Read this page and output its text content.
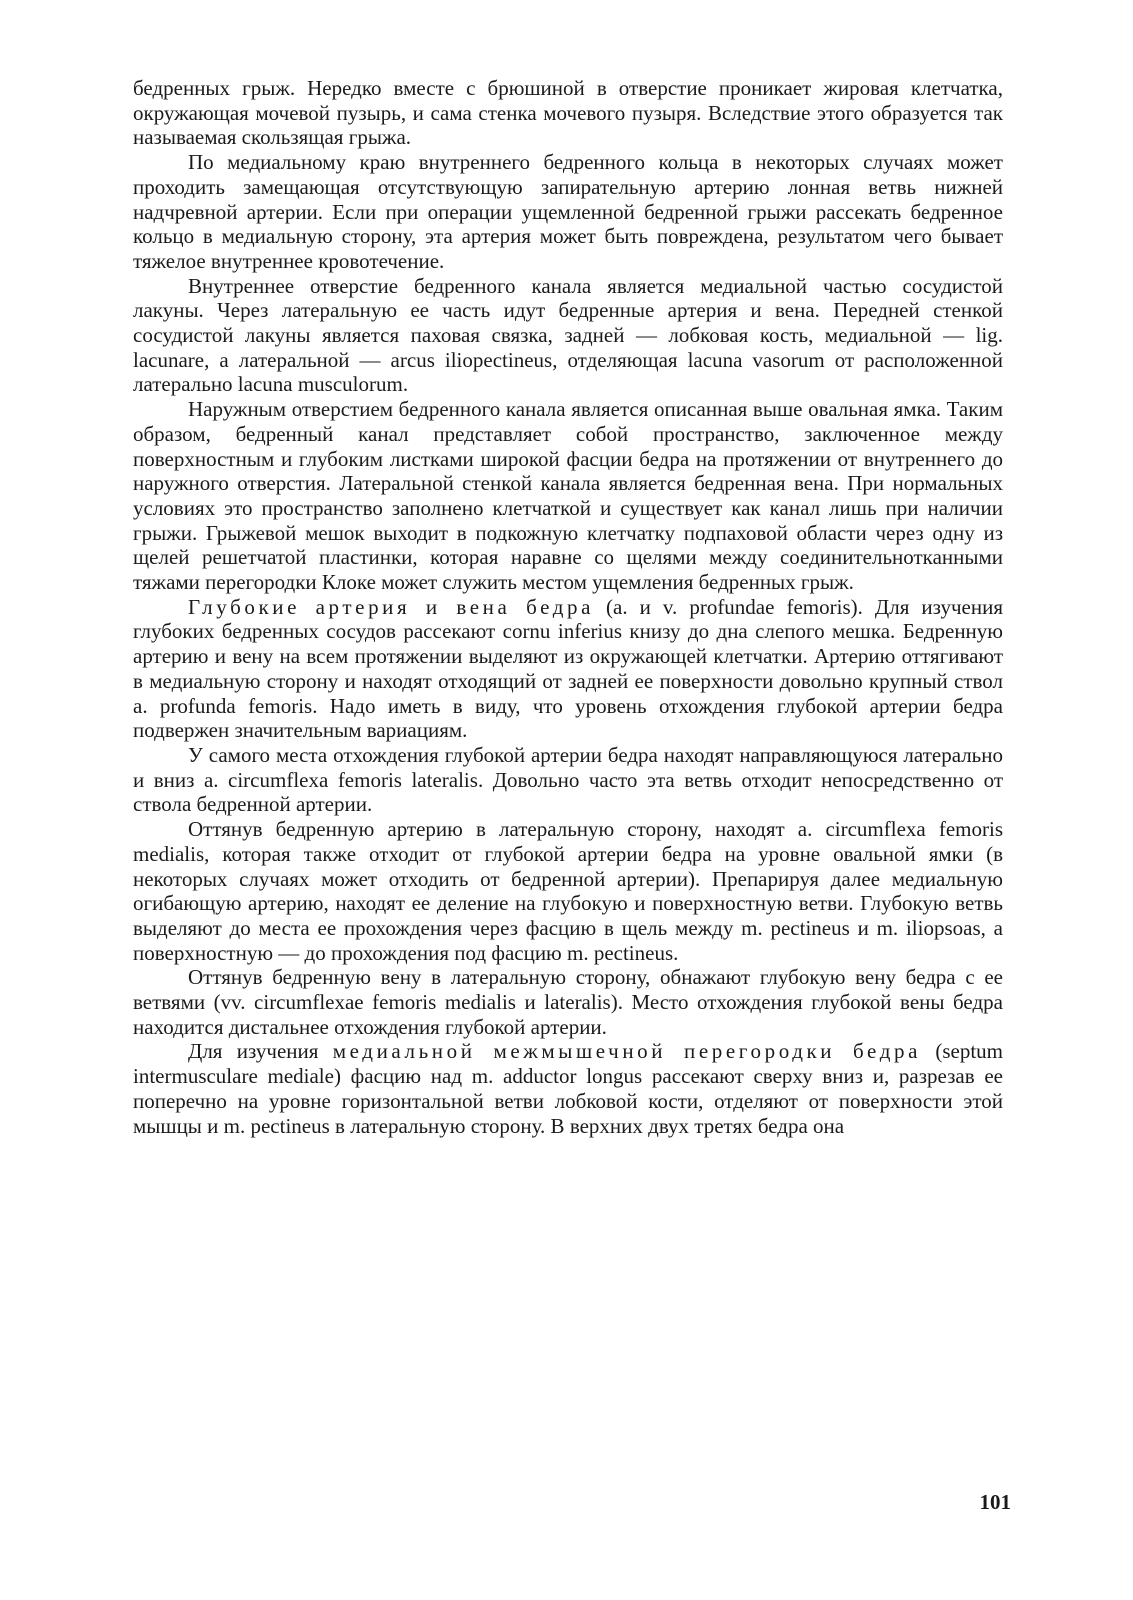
бедренных грыж. Нередко вместе с брюшиной в отверстие проникает жировая клетчатка, окружающая мочевой пузырь, и сама стенка мочевого пузыря. Вследствие этого образуется так называемая скользящая грыжа.

По медиальному краю внутреннего бедренного кольца в некоторых случаях может проходить замещающая отсутствующую запирательную артерию лонная ветвь нижней надчревной артерии. Если при операции ущемленной бедренной грыжи рассекать бедренное кольцо в медиальную сторону, эта артерия может быть повреждена, результатом чего бывает тяжелое внутреннее кровотечение.

Внутреннее отверстие бедренного канала является медиальной частью сосудистой лакуны. Через латеральную ее часть идут бедренные артерия и вена. Передней стенкой сосудистой лакуны является паховая связка, задней — лобковая кость, медиальной — lig. lacunare, а латеральной — arcus iliopectineus, отделяющая lacuna vasorum от расположенной латерально lacuna musculorum.

Наружным отверстием бедренного канала является описанная выше овальная ямка. Таким образом, бедренный канал представляет собой пространство, заключенное между поверхностным и глубоким листками широкой фасции бедра на протяжении от внутреннего до наружного отверстия. Латеральной стенкой канала является бедренная вена. При нормальных условиях это пространство заполнено клетчаткой и существует как канал лишь при наличии грыжи. Грыжевой мешок выходит в подкожную клетчатку подпаховой области через одну из щелей решетчатой пластинки, которая наравне со щелями между соединительнотканными тяжами перегородки Клоке может служить местом ущемления бедренных грыж.

Глубокие артерия и вена бедра (a. и v. profundae femoris). Для изучения глубоких бедренных сосудов рассекают cornu inferius книзу до дна слепого мешка. Бедренную артерию и вену на всем протяжении выделяют из окружающей клетчатки. Артерию оттягивают в медиальную сторону и находят отходящий от задней ее поверхности довольно крупный ствол a. profunda femoris. Надо иметь в виду, что уровень отхождения глубокой артерии бедра подвержен значительным вариациям.

У самого места отхождения глубокой артерии бедра находят направляющуюся латерально и вниз a. circumflexa femoris lateralis. Довольно часто эта ветвь отходит непосредственно от ствола бедренной артерии.

Оттянув бедренную артерию в латеральную сторону, находят a. circumflexa femoris medialis, которая также отходит от глубокой артерии бедра на уровне овальной ямки (в некоторых случаях может отходить от бедренной артерии). Препарируя далее медиальную огибающую артерию, находят ее деление на глубокую и поверхностную ветви. Глубокую ветвь выделяют до места ее прохождения через фасцию в щель между m. pectineus и m. iliopsoas, а поверхностную — до прохождения под фасцию m. pectineus.

Оттянув бедренную вену в латеральную сторону, обнажают глубокую вену бедра с ее ветвями (vv. circumflexae femoris medialis и lateralis). Место отхождения глубокой вены бедра находится дистальнее отхождения глубокой артерии.

Для изучения медиальной межмышечной перегородки бедра (septum intermusculare mediale) фасцию над m. adductor longus рассекают сверху вниз и, разрезав ее поперечно на уровне горизонтальной ветви лобковой кости, отделяют от поверхности этой мышцы и m. pectineus в латеральную сторону. В верхних двух третях бедра она

101
